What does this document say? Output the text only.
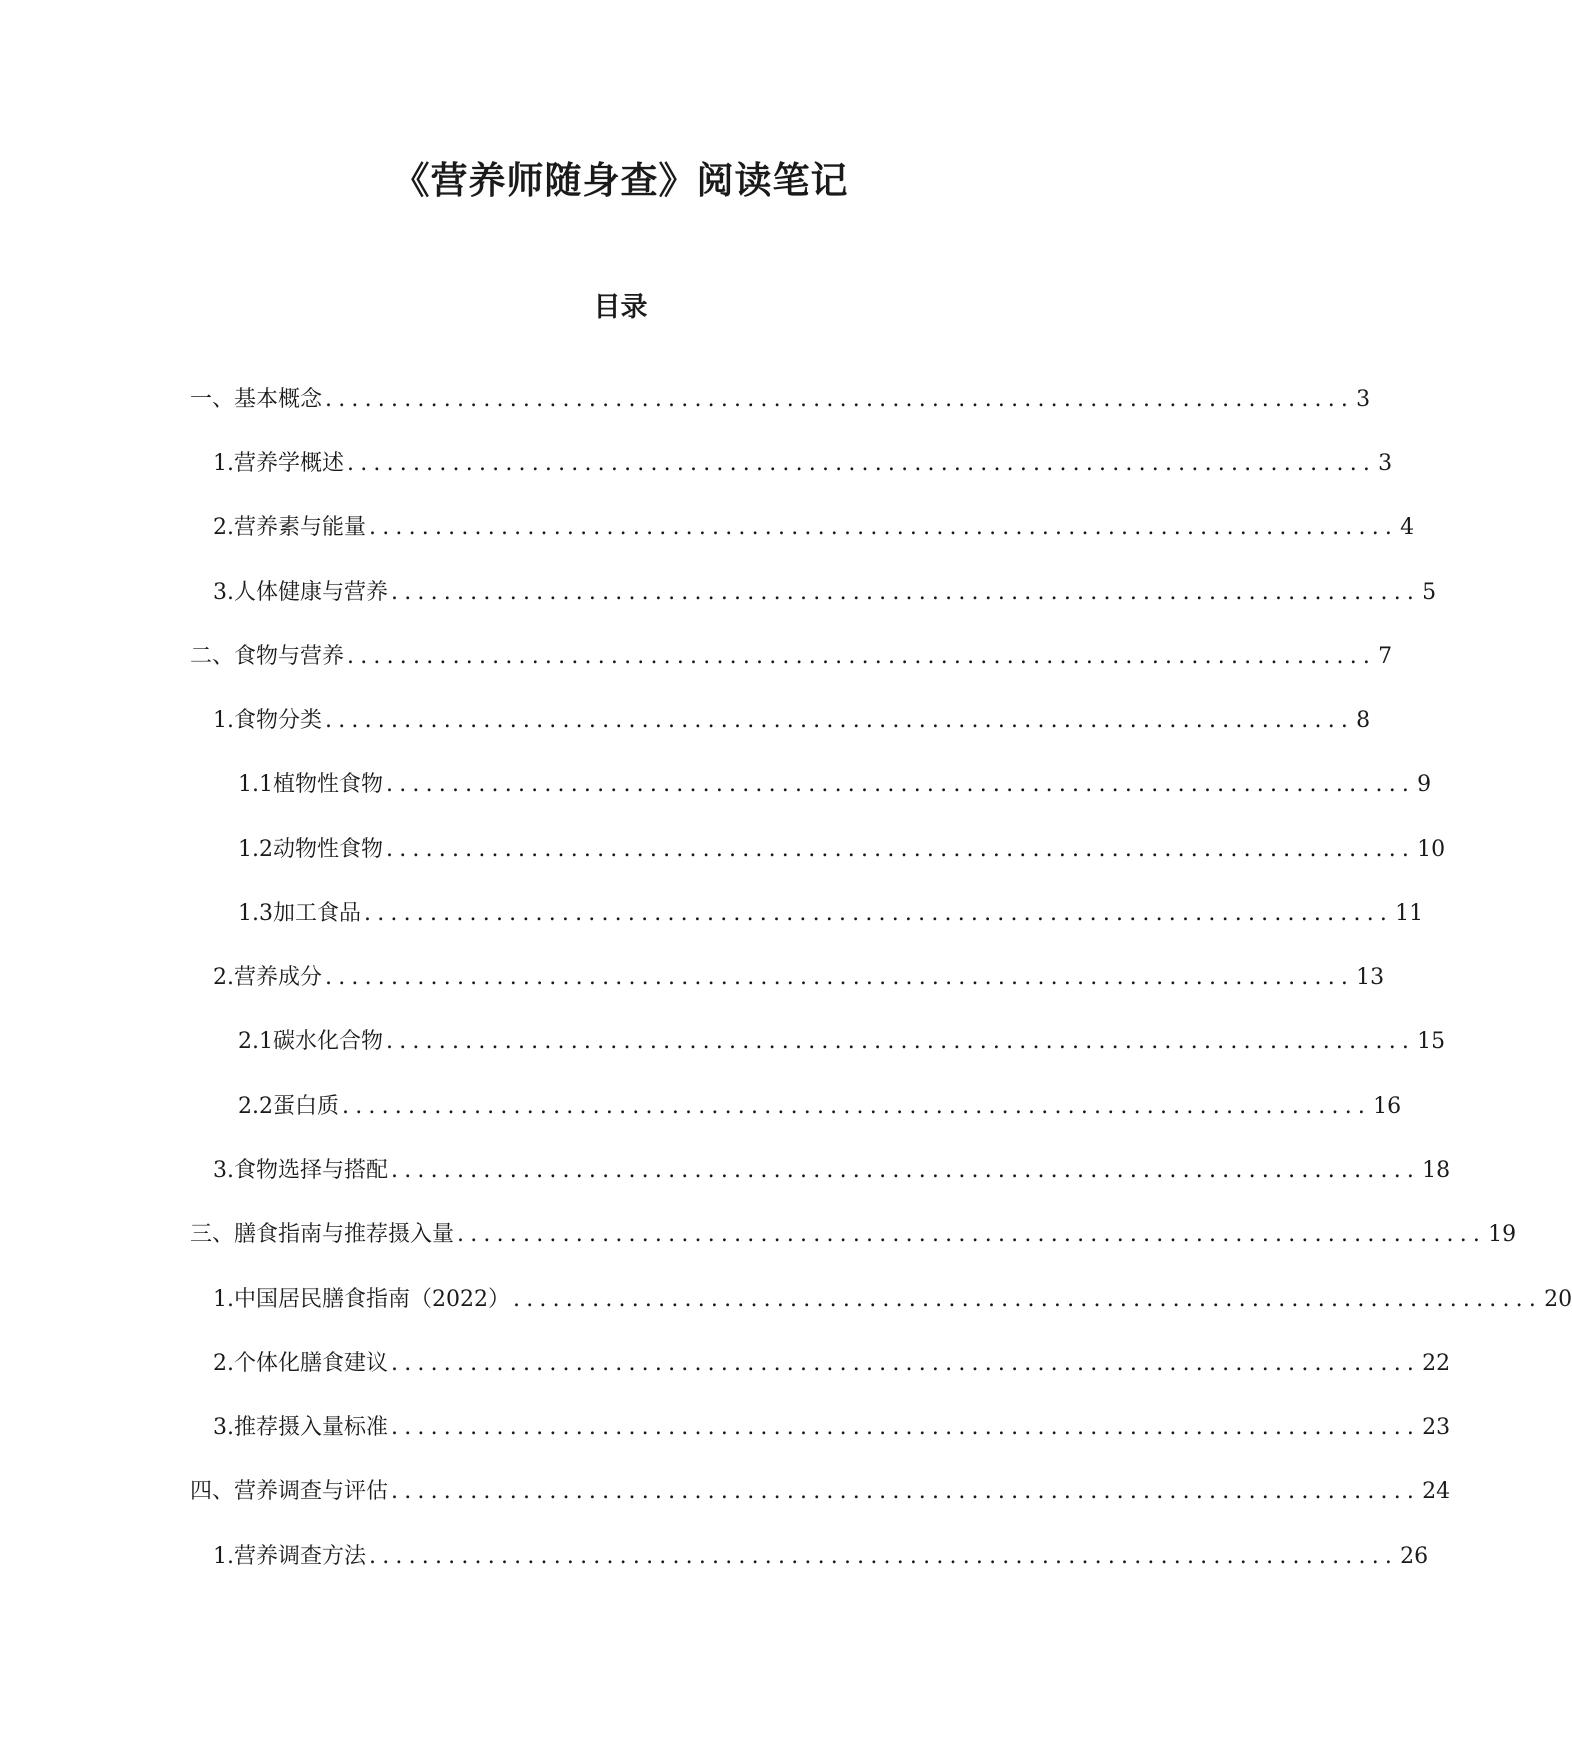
《营养师随身查》阅读笔记
目录
一、 基本概念 .............................................................................. 3
1. 营养学概述 .............................................................................. 3
2. 营养素与能量 .............................................................................. 4
3. 人体健康与营养 .............................................................................. 5
二、 食物与营养 .............................................................................. 7
1. 食物分类 .............................................................................. 8
1.1 植物性食物 .............................................................................. 9
1.2 动物性食物 .............................................................................. 10
1.3 加工食品 .............................................................................. 11
2. 营养成分 .............................................................................. 13
2.1 碳水化合物 .............................................................................. 15
2.2 蛋白质 .............................................................................. 16
3. 食物选择与搭配 .............................................................................. 18
三、 膳食指南与推荐摄入量 .............................................................................. 19
1. 中国居民膳食指南（2022） .............................................................................. 20
2. 个体化膳食建议 .............................................................................. 22
3. 推荐摄入量标准 .............................................................................. 23
四、 营养调查与评估 .............................................................................. 24
1. 营养调查方法 .............................................................................. 26
